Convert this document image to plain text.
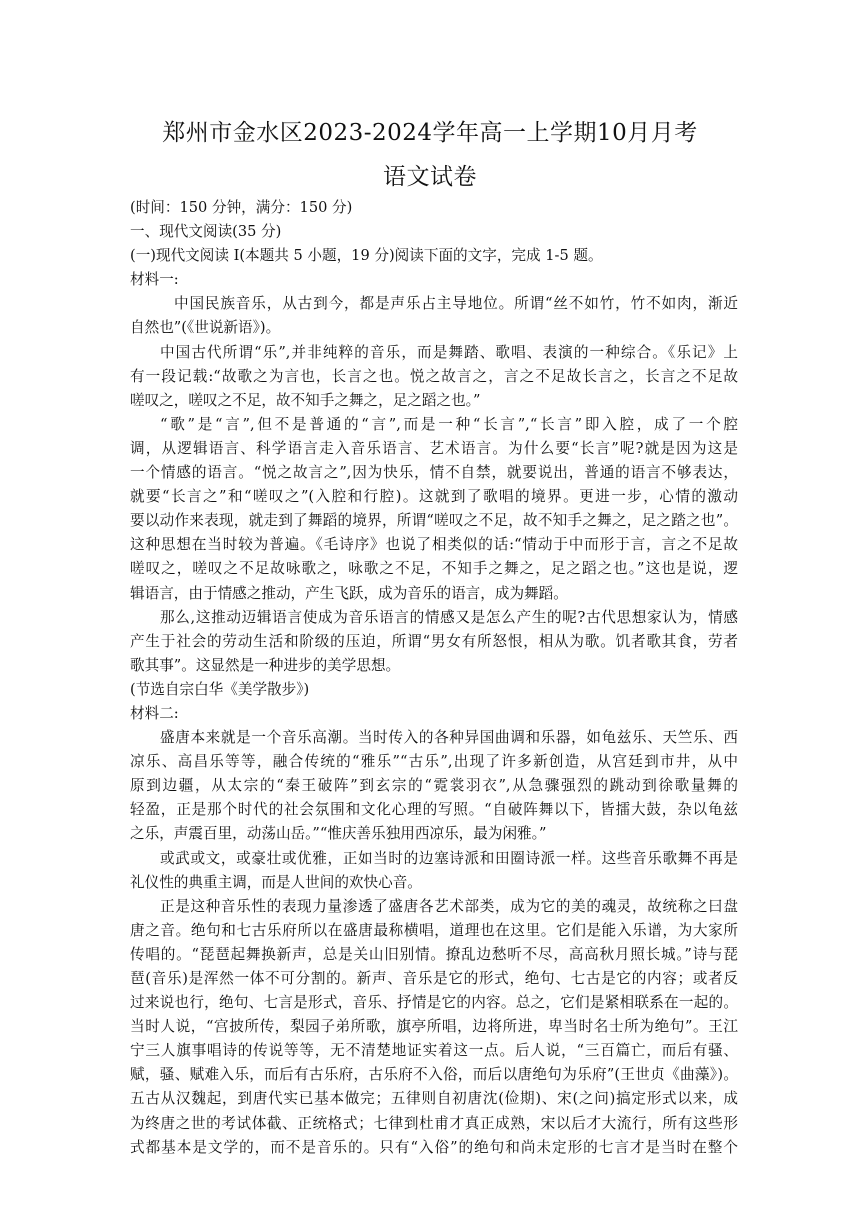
郑州市金水区2023-2024学年高一上学期10月月考
语文试卷
(时间：150 分钟，满分：150 分)
一、现代文阅读(35 分)
(一)现代文阅读 I(本题共 5 小题，19 分)阅读下面的文字，完成 1-5 题。
材料一:
中国民族音乐，从古到今，都是声乐占主导地位。所谓“丝不如竹，竹不如肉，渐近
自然也”(《世说新语》)。
中国古代所谓“乐”,并非纯粹的音乐，而是舞踏、歌唱、表演的一种综合。《乐记》上
有一段记载:“故歌之为言也，长言之也。悦之故言之，言之不足故长言之，长言之不足故
嗟叹之，嗟叹之不足，故不知手之舞之，足之蹈之也。”
“歌”是“言”,但不是普通的“言”,而是一种“长言”,“长言”即入腔，成了一个腔
调，从逻辑语言、科学语言走入音乐语言、艺术语言。为什么要“长言”呢?就是因为这是
一个情感的语言。“悦之故言之”,因为快乐，情不自禁，就要说出，普通的语言不够表达，
就要“长言之”和“嗟叹之”(入腔和行腔)。这就到了歌唱的境界。更进一步，心情的激动
要以动作来表现，就走到了舞蹈的境界，所谓“嗟叹之不足，故不知手之舞之，足之踏之也”。
这种思想在当时较为普遍。《毛诗序》也说了相类似的话:“情动于中而形于言，言之不足故
嗟叹之，嗟叹之不足故咏歌之，咏歌之不足，不知手之舞之，足之蹈之也。”这也是说，逻
辑语言，由于情感之推动，产生飞跃，成为音乐的语言，成为舞蹈。
那么,这推动迈辑语言使成为音乐语言的情感又是怎么产生的呢?古代思想家认为，情感
产生于社会的劳动生活和阶级的压迫，所谓“男女有所怒恨，相从为歌。饥者歌其食，劳者
歌其事”。这显然是一种进步的美学思想。
(节选自宗白华《美学散步》)
材料二:
盛唐本来就是一个音乐高潮。当时传入的各种异国曲调和乐器，如龟兹乐、天竺乐、西
凉乐、高昌乐等等，融合传统的“雅乐”“古乐”,出现了许多新创造，从宫廷到市井，从中
原到边疆，从太宗的“秦王破阵”到玄宗的“霓裳羽衣”,从急骤强烈的跳动到徐歌量舞的
轻盈，正是那个时代的社会氛围和文化心理的写照。“自破阵舞以下，皆擂大鼓，杂以龟兹
之乐，声震百里，动荡山岳。”“惟庆善乐独用西凉乐，最为闲雅。”
或武或文，或豪壮或优雅，正如当时的边塞诗派和田圈诗派一样。这些音乐歌舞不再是
礼仪性的典重主调，而是人世间的欢快心音。
正是这种音乐性的表现力量渗透了盛唐各艺术部类，成为它的美的魂灵，故统称之曰盘
唐之音。绝句和七古乐府所以在盛唐最称横唱，道理也在这里。它们是能入乐谱，为大家所
传唱的。“琵琶起舞换新声，总是关山旧别情。撩乱边愁听不尽，高高秋月照长城。”诗与琵
琶(音乐)是浑然一体不可分割的。新声、音乐是它的形式，绝句、七古是它的内容；或者反
过来说也行，绝句、七言是形式，音乐、抒情是它的内容。总之，它们是紧相联系在一起的。
当时人说，“宫披所传，梨园子弟所歌，旗亭所唱，边将所进，卑当时名士所为绝句”。王江
宁三人旗事唱诗的传说等等，无不清楚地证实着这一点。后人说，“三百篇亡，而后有骚、
赋，骚、赋难入乐，而后有古乐府，古乐府不入俗，而后以唐绝句为乐府”(王世贞《曲藻》)。
五古从汉魏起，到唐代实已基本做完；五律则自初唐沈(俭期)、宋(之问)搞定形式以来，成
为终唐之世的考试体截、正统格式；七律到杜甫才真正成熟，宋以后才大流行，所有这些形
式都基本是文学的，而不是音乐的。只有“入俗”的绝句和尚未定形的七言才是当时在整个
